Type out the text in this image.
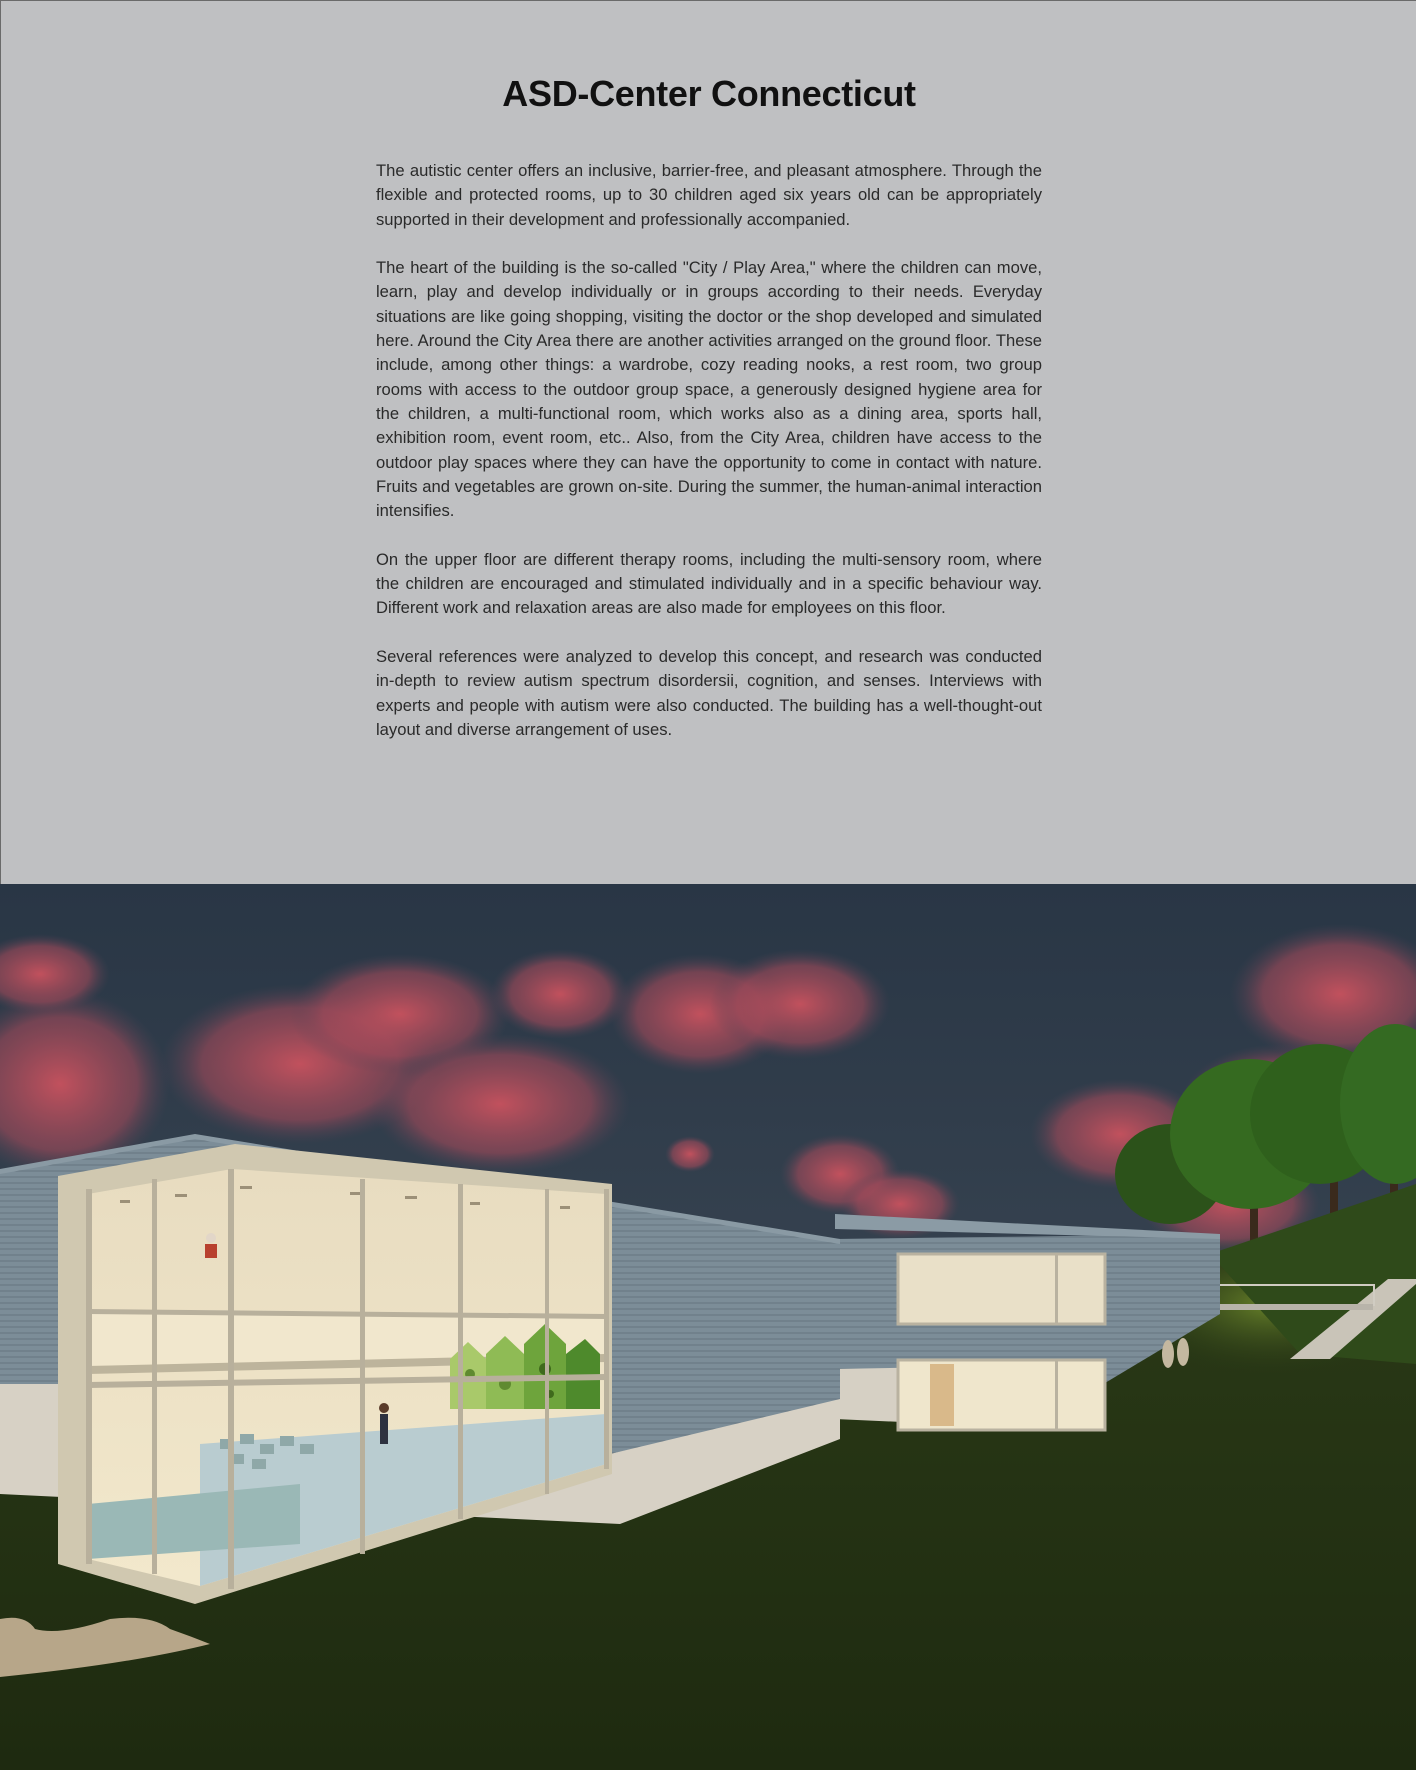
ASD-Center Connecticut

The autistic center offers an inclusive, barrier-free, and pleasant atmosphere. Through the flexible and protected rooms, up to 30 children aged six years old can be appropriately supported in their development and professionally accompanied.

The heart of the building is the so-called "City / Play Area," where the children can move, learn, play and develop individually or in groups according to their needs. Everyday situations are like going shopping, visiting the doctor or the shop developed and simulated here. Around the City Area there are another activities arranged on the ground floor. These include, among other things: a wardrobe, cozy reading nooks, a rest room, two group rooms with access to the outdoor group space, a generously designed hygiene area for the children, a multi-functional room, which works also as a dining area, sports hall, exhibition room, event room, etc.. Also, from the City Area, children have access to the outdoor play spaces where they can have the opportunity to come in contact with nature. Fruits and vegetables are grown on-site. During the summer, the human-animal interaction intensifies.

On the upper floor are different therapy rooms, including the multi-sensory room, where the children are encouraged and stimulated individually and in a specific behaviour way. Different work and relaxation areas are also made for employees on this floor.

Several references were analyzed to develop this concept, and research was conducted in-depth to review autism spectrum disordersii, cognition, and senses. Interviews with experts and people with autism were also conducted. The building has a well-thought-out layout and diverse arrangement of uses.
